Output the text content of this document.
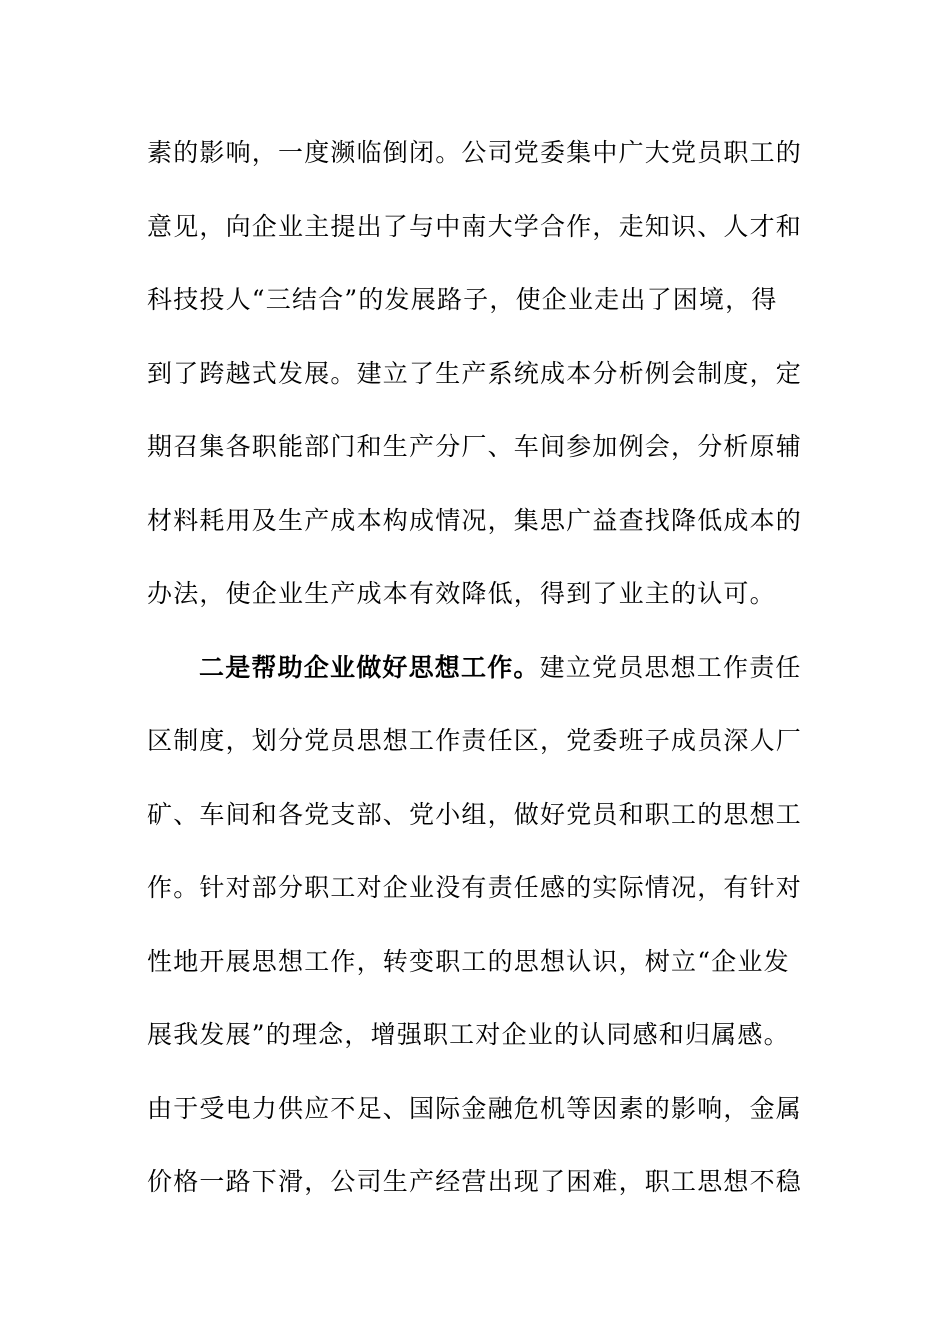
素的影响，一度濒临倒闭。公司党委集中广大党员职工的
意见，向企业主提出了与中南大学合作，走知识、人才和
科技投人“三结合”的发展路子，使企业走出了困境，得
到了跨越式发展。建立了生产系统成本分析例会制度，定
期召集各职能部门和生产分厂、车间参加例会，分析原辅
材料耗用及生产成本构成情况，集思广益查找降低成本的
办法，使企业生产成本有效降低，得到了业主的认可。
二是帮助企业做好思想工作。建立党员思想工作责任
区制度，划分党员思想工作责任区，党委班子成员深人厂
矿、车间和各党支部、党小组，做好党员和职工的思想工
作。针对部分职工对企业没有责任感的实际情况，有针对
性地开展思想工作，转变职工的思想认识，树立“企业发
展我发展”的理念，增强职工对企业的认同感和归属感。
由于受电力供应不足、国际金融危机等因素的影响，金属
价格一路下滑，公司生产经营出现了困难，职工思想不稳
